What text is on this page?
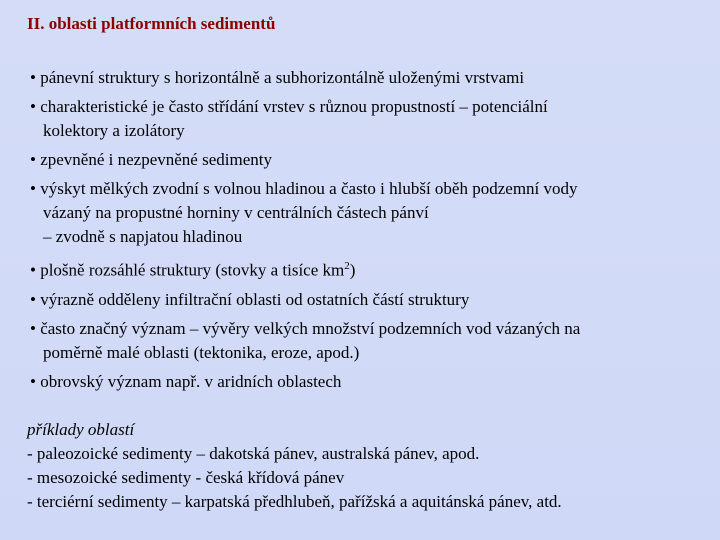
II. oblasti platformních sedimentů
• pánevní struktury s horizontálně a subhorizontálně uloženými vrstvami
• charakteristické je často střídání vrstev s různou propustností – potenciální
kolektory a izolátory
• zpevněné i nezpevněné sedimenty
• výskyt mělkých zvodní s volnou hladinou a často i hlubší oběh podzemní vody
vázaný na propustné horniny v centrálních částech pánví
– zvodně s napjatou hladinou
• plošně rozsáhlé struktury (stovky a tisíce $km^2$)
• výrazně odděleny infiltrační oblasti od ostatních částí struktury
• často značný význam – vývěry velkých množství podzemních vod vázaných na
poměrně malé oblasti (tektonika, eroze, apod.)
• obrovský význam např. v aridních oblastech
příklady oblastí
- paleozoické sedimenty – dakotská pánev, australská pánev, apod.
- mesozoické sedimenty - česká křídová pánev
- terciérní sedimenty – karpatská předhlubeň, pařížská a aquitánská pánev, atd.
